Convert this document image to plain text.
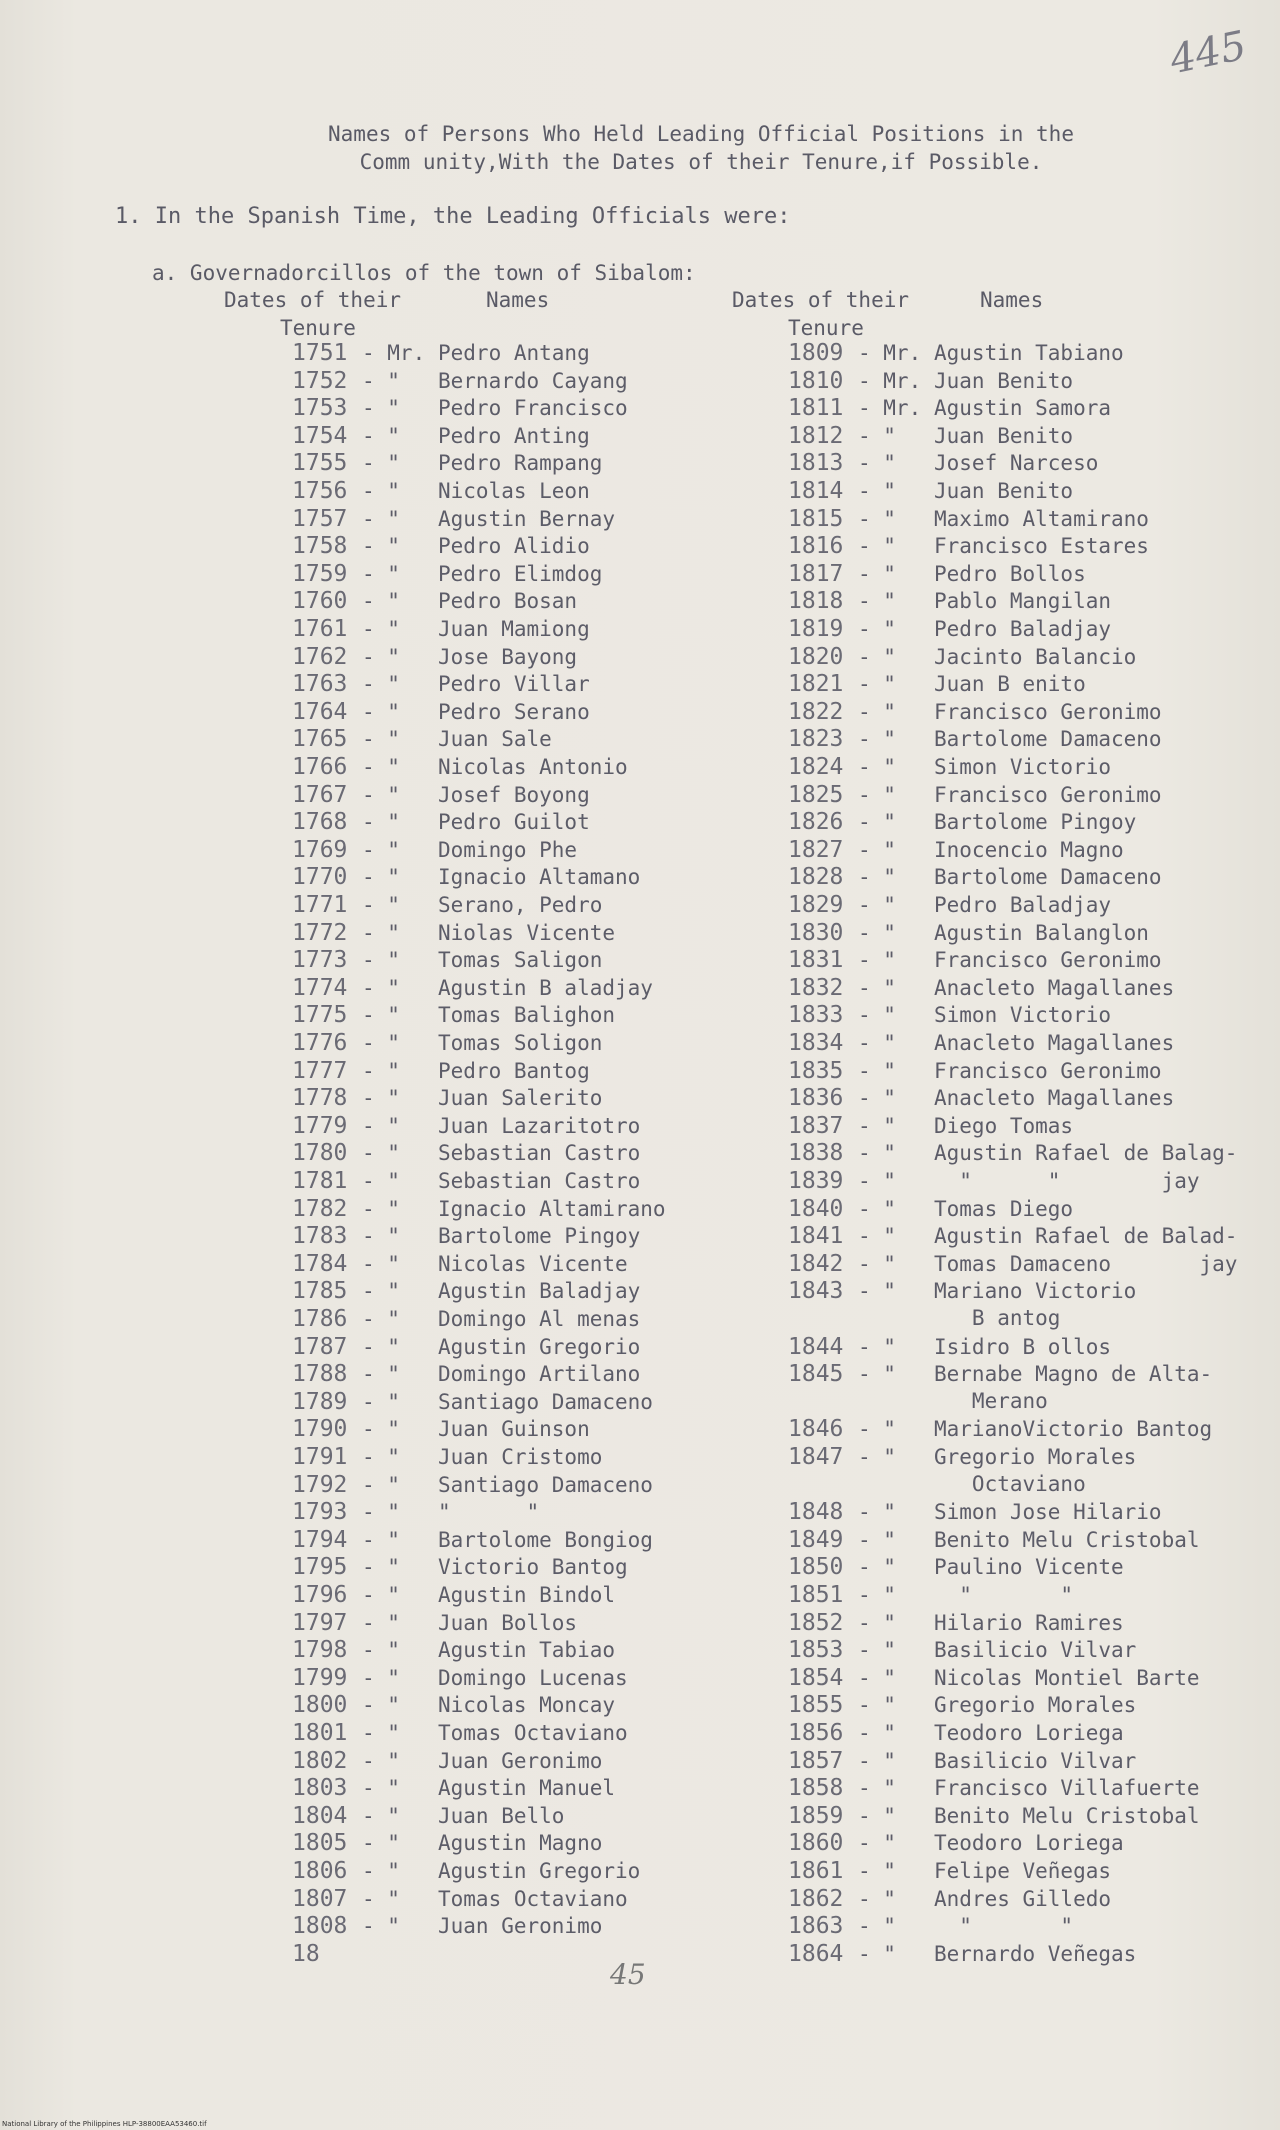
445
Names of Persons Who Held Leading Official Positions in the
Comm unity,With the Dates of their Tenure,if Possible.
1. In the Spanish Time, the Leading Officials were:
a. Governadorcillos of the town of Sibalom:
Dates of their
Tenure
Names	Dates of their
Tenure
Names
1751 - Mr. Pedro Antang
1752 - " Bernardo Cayang
1753 - " Pedro Francisco
1754 - " Pedro Anting
1755 - " Pedro Rampang
1756 - " Nicolas Leon
1757 - " Agustin Bernay
1758 - " Pedro Alidio
1759 - " Pedro Elimdog
1760 - " Pedro Bosan
1761 - " Juan Mamiong
1762 - " Jose Bayong
1763 - " Pedro Villar
1764 - " Pedro Serano
1765 - " Juan Sale
1766 - " Nicolas Antonio
1767 - " Josef Boyong
1768 - " Pedro Guilot
1769 - " Domingo Phe
1770 - " Ignacio Altamano
1771 - " Serano, Pedro
1772 - " Niolas Vicente
1773 - " Tomas Saligon
1774 - " Agustin B aladjay
1775 - " Tomas Balighon
1776 - " Tomas Soligon
1777 - " Pedro Bantog
1778 - " Juan Salerito
1779 - " Juan Lazaritotro
1780 - " Sebastian Castro
1781 - " Sebastian Castro
1782 - " Ignacio Altamirano
1783 - " Bartolome Pingoy
1784 - " Nicolas Vicente
1785 - " Agustin Baladjay
1786 - " Domingo Al menas
1787 - " Agustin Gregorio
1788 - " Domingo Artilano
1789 - " Santiago Damaceno
1790 - " Juan Guinson
1791 - " Juan Cristomo
1792 - " Santiago Damaceno
1793 - " "      "
1794 - " Bartolome Bongiog
1795 - " Victorio Bantog
1796 - " Agustin Bindol
1797 - " Juan Bollos
1798 - " Agustin Tabiao
1799 - " Domingo Lucenas
1800 - " Nicolas Moncay
1801 - " Tomas Octaviano
1802 - " Juan Geronimo
1803 - " Agustin Manuel
1804 - " Juan Bello
1805 - " Agustin Magno
1806 - " Agustin Gregorio
1807 - " Tomas Octaviano
1808 - " Juan Geronimo
18
1809 - Mr. Agustin Tabiano
1810 - Mr. Juan Benito
1811 - Mr. Agustin Samora
1812 - " Juan Benito
1813 - " Josef Narceso
1814 - " Juan Benito
1815 - " Maximo Altamirano
1816 - " Francisco Estares
1817 - " Pedro Bollos
1818 - " Pablo Mangilan
1819 - " Pedro Baladjay
1820 - " Jacinto Balancio
1821 - " Juan B enito
1822 - " Francisco Geronimo
1823 - " Bartolome Damaceno
1824 - " Simon Victorio
1825 - " Francisco Geronimo
1826 - " Bartolome Pingoy
1827 - " Inocencio Magno
1828 - " Bartolome Damaceno
1829 - " Pedro Baladjay
1830 - " Agustin Balanglon
1831 - " Francisco Geronimo
1832 - " Anacleto Magallanes
1833 - " Simon Victorio
1834 - " Anacleto Magallanes
1835 - " Francisco Geronimo
1836 - " Anacleto Magallanes
1837 - " Diego Tomas
1838 - " Agustin Rafael de Balag-
1839 - "  "      "        jay
1840 - " Tomas Diego
1841 - " Agustin Rafael de Balad-
1842 - " Tomas Damaceno       jay
1843 - " Mariano Victorio
B antog
1844 - " Isidro B ollos
1845 - " Bernabe Magno de Alta-
Merano
1846 - " MarianoVictorio Bantog
1847 - " Gregorio Morales
Octaviano
1848 - " Simon Jose Hilario
1849 - " Benito Melu Cristobal
1850 - " Paulino Vicente
1851 - "  "       "
1852 - " Hilario Ramires
1853 - " Basilicio Vilvar
1854 - " Nicolas Montiel Barte
1855 - " Gregorio Morales
1856 - " Teodoro Loriega
1857 - " Basilicio Vilvar
1858 - " Francisco Villafuerte
1859 - " Benito Melu Cristobal
1860 - " Teodoro Loriega
1861 - " Felipe Veñegas
1862 - " Andres Gilledo
1863 - "  "       "
1864 - " Bernardo Veñegas
45
National Library of the Philippines HLP-38800EAA53460.tif
